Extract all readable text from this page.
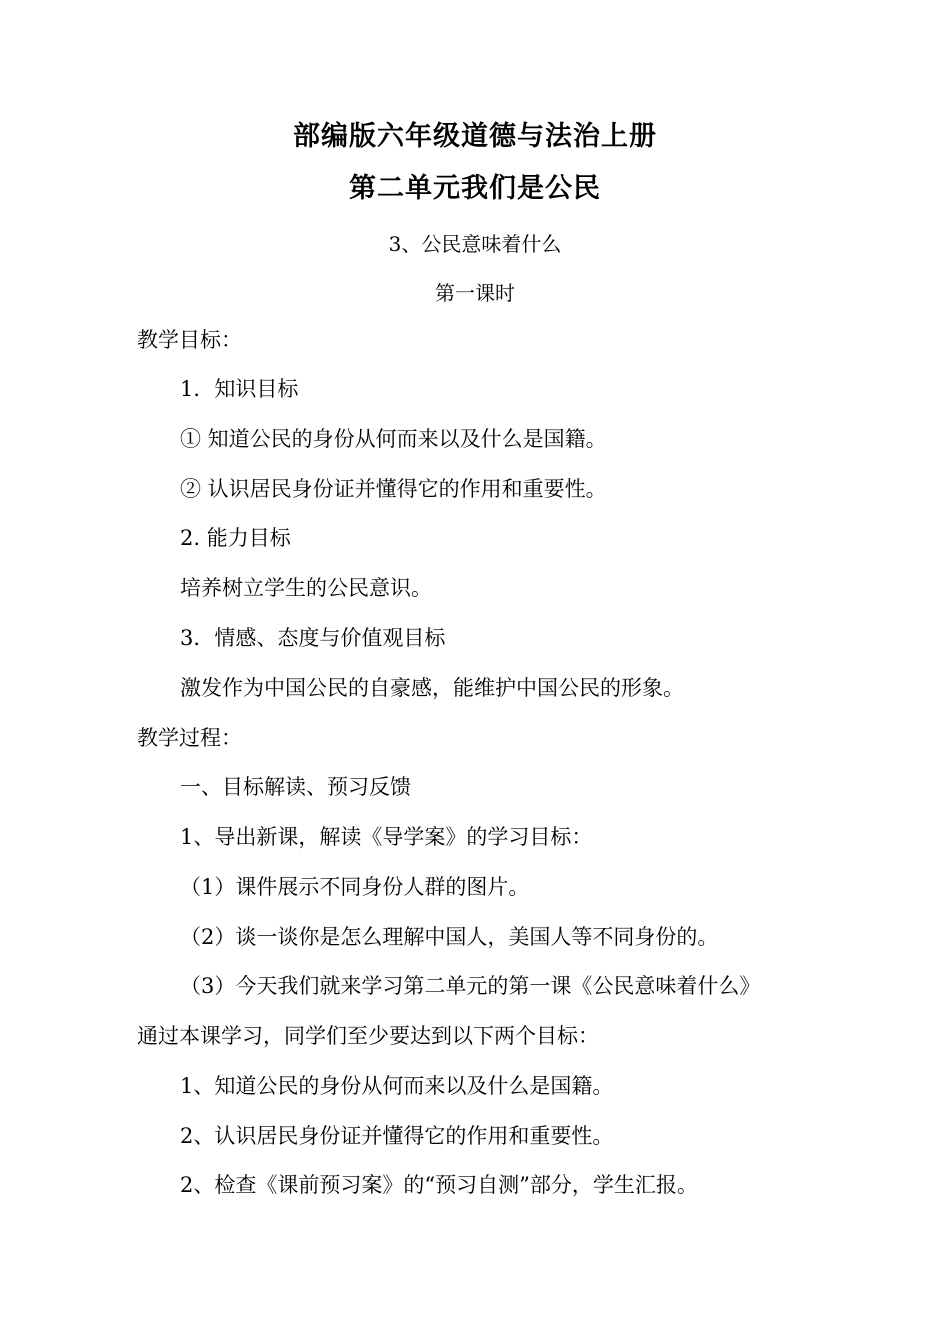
部编版六年级道德与法治上册
第二单元我们是公民
3、公民意味着什么
第一课时
教学目标：
1．知识目标
① 知道公民的身份从何而来以及什么是国籍。
② 认识居民身份证并懂得它的作用和重要性。
2. 能力目标
培养树立学生的公民意识。
3．情感、态度与价值观目标
激发作为中国公民的自豪感，能维护中国公民的形象。
教学过程：
一、目标解读、预习反馈
1、导出新课，解读《导学案》的学习目标：
（1）课件展示不同身份人群的图片。
（2）谈一谈你是怎么理解中国人，美国人等不同身份的。
（3）今天我们就来学习第二单元的第一课《公民意味着什么》
通过本课学习，同学们至少要达到以下两个目标：
1、知道公民的身份从何而来以及什么是国籍。
2、认识居民身份证并懂得它的作用和重要性。
2、检查《课前预习案》的“预习自测”部分，学生汇报。
